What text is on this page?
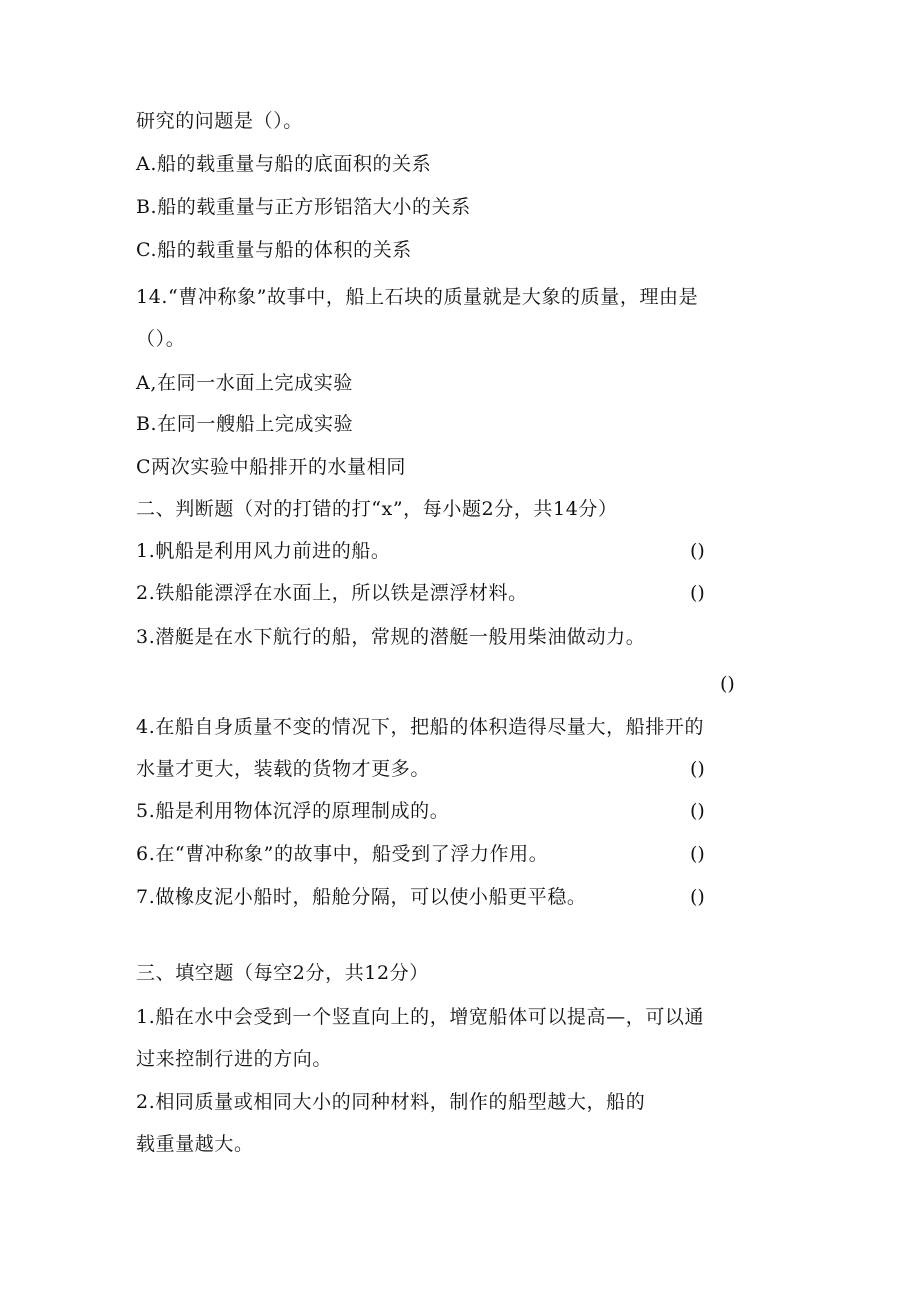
研究的问题是（）。
A.船的载重量与船的底面积的关系
B.船的载重量与正方形铝箔大小的关系
C.船的载重量与船的体积的关系
14.“曹冲称象”故事中，船上石块的质量就是大象的质量，理由是
（）。
A,在同一水面上完成实验
B.在同一艘船上完成实验
C两次实验中船排开的水量相同
二、判断题（对的打错的打“x”，每小题2分，共14分）
1.帆船是利用风力前进的船。	()
2.铁船能漂浮在水面上，所以铁是漂浮材料。	()
3.潜艇是在水下航行的船，常规的潜艇一般用柴油做动力。
()
4.在船自身质量不变的情况下，把船的体积造得尽量大，船排开的
水量才更大，装载的货物才更多。	()
5.船是利用物体沉浮的原理制成的。	()
6.在“曹冲称象”的故事中，船受到了浮力作用。	()
7.做橡皮泥小船时，船舱分隔，可以使小船更平稳。	()
三、填空题（每空2分，共12分）
1.船在水中会受到一个竖直向上的，增宽船体可以提高—，可以通
过来控制行进的方向。
2.相同质量或相同大小的同种材料，制作的船型越大，船的
载重量越大。
